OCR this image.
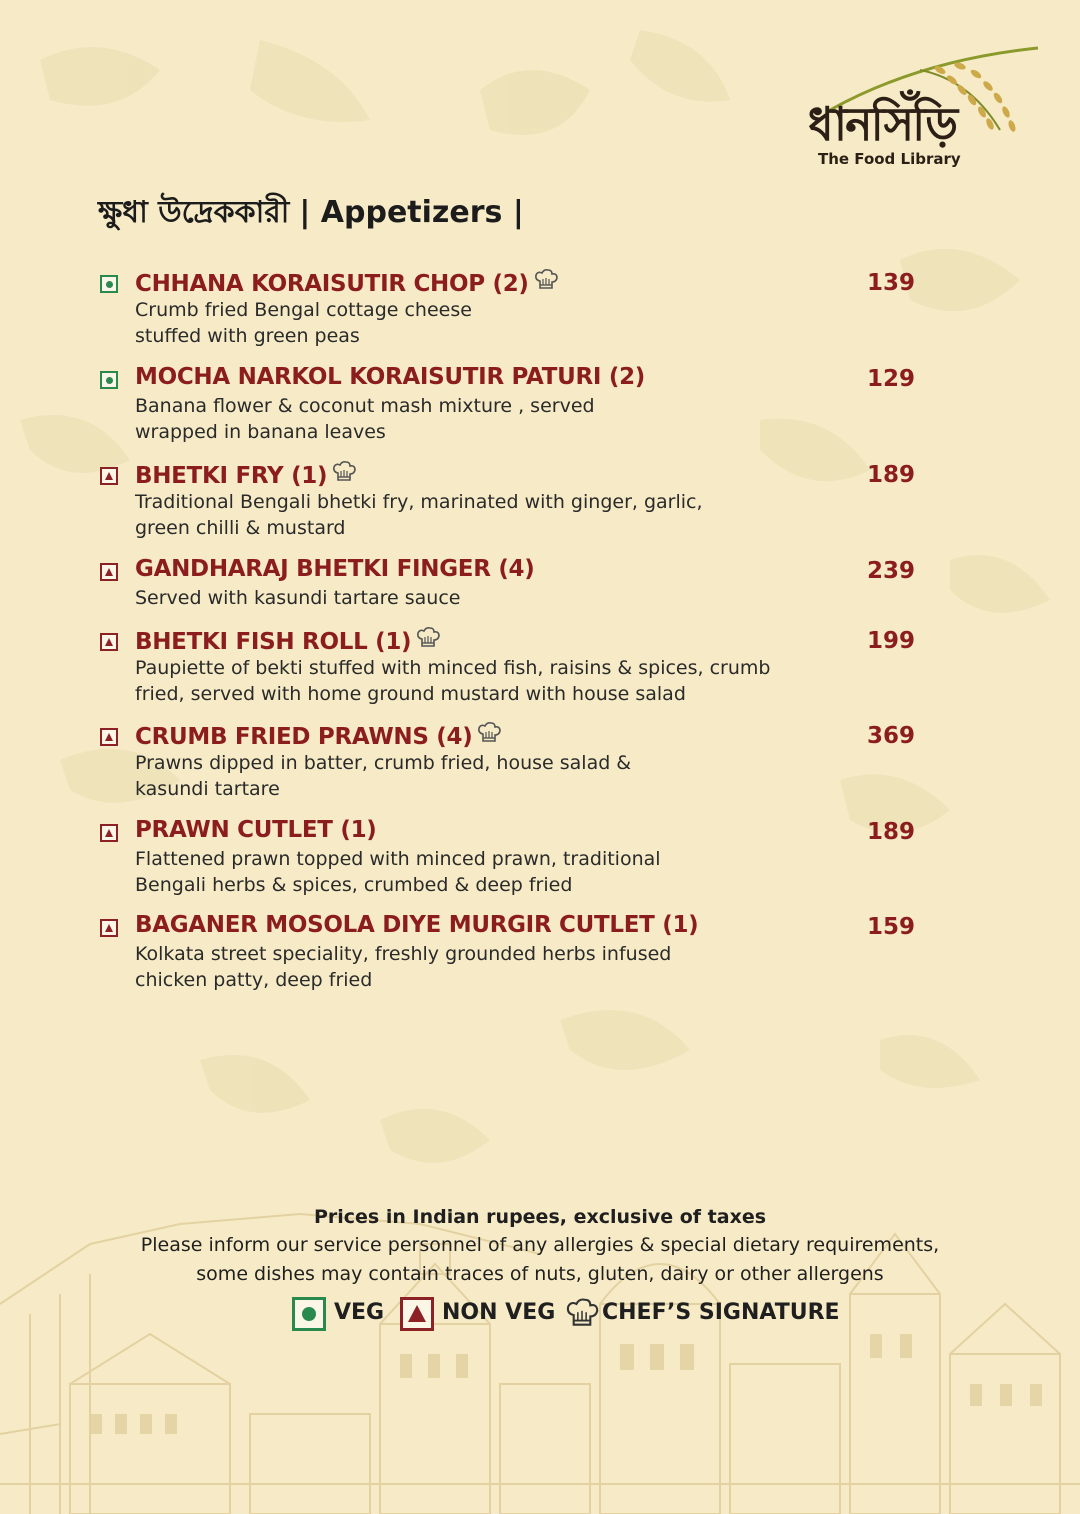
ধানসিঁড়ি
The Food Library
ক্ষুধা উদ্রেককারী | Appetizers |
CHHANA KORAISUTIR CHOP (2)
Crumb fried Bengal cottage cheese stuffed with green peas
139
MOCHA NARKOL KORAISUTIR PATURI (2)
Banana flower & coconut mash mixture , served wrapped in banana leaves
129
BHETKI FRY (1)
Traditional Bengali bhetki fry, marinated with ginger, garlic, green chilli & mustard
189
GANDHARAJ BHETKI FINGER (4)
Served with kasundi tartare sauce
239
BHETKI FISH ROLL (1)
Paupiette of bekti stuffed with minced fish, raisins & spices, crumb fried, served with home ground mustard with house salad
199
CRUMB FRIED PRAWNS (4)
Prawns dipped in batter, crumb fried, house salad & kasundi tartare
369
PRAWN CUTLET (1)
Flattened prawn topped with minced prawn, traditional Bengali herbs & spices, crumbed & deep fried
189
BAGANER MOSOLA DIYE MURGIR CUTLET (1)
Kolkata street speciality, freshly grounded herbs infused chicken patty, deep fried
159
Prices in Indian rupees, exclusive of taxes
Please inform our service personnel of any allergies & special dietary requirements,
some dishes may contain traces of nuts, gluten, dairy or other allergens
VEG	NON VEG CHEF’S SIGNATURE
